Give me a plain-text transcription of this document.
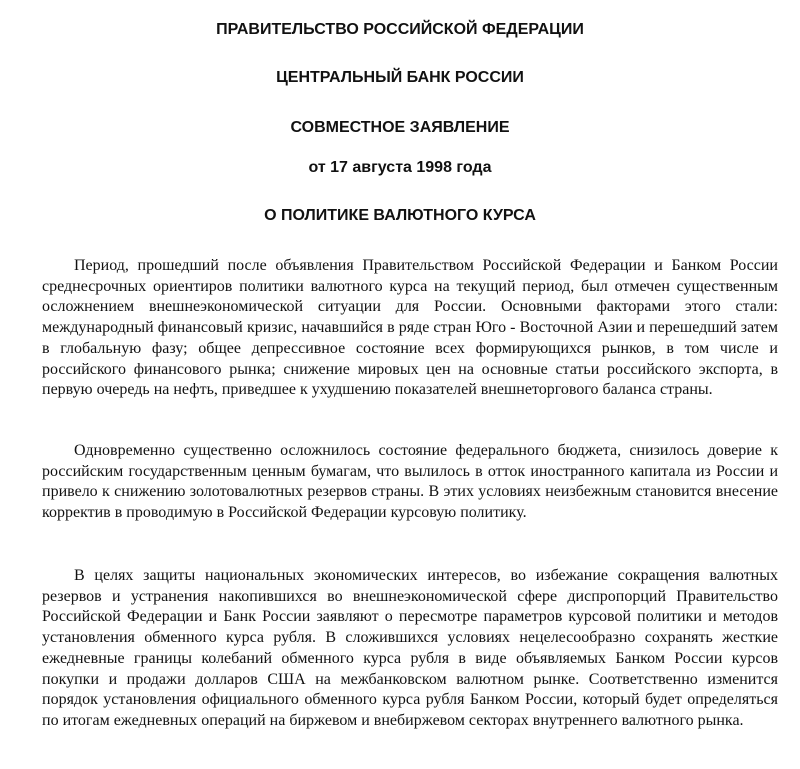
ПРАВИТЕЛЬСТВО РОССИЙСКОЙ ФЕДЕРАЦИИ
ЦЕНТРАЛЬНЫЙ БАНК РОССИИ
СОВМЕСТНОЕ ЗАЯВЛЕНИЕ
от 17 августа 1998 года
О ПОЛИТИКЕ ВАЛЮТНОГО КУРСА

Период, прошедший после объявления Правительством Российской Федерации и Банком России среднесрочных ориентиров политики валютного курса на текущий период, был отмечен существенным осложнением внешнеэкономической ситуации для России. Основными факторами этого стали: международный финансовый кризис, начавшийся в ряде стран Юго - Восточной Азии и перешедший затем в глобальную фазу; общее депрессивное состояние всех формирующихся рынков, в том числе и российского финансового рынка; снижение мировых цен на основные статьи российского экспорта, в первую очередь на нефть, приведшее к ухудшению показателей внешнеторгового баланса страны.

Одновременно существенно осложнилось состояние федерального бюджета, снизилось доверие к российским государственным ценным бумагам, что вылилось в отток иностранного капитала из России и привело к снижению золотовалютных резервов страны. В этих условиях неизбежным становится внесение корректив в проводимую в Российской Федерации курсовую политику.

В целях защиты национальных экономических интересов, во избежание сокращения валютных резервов и устранения накопившихся во внешнеэкономической сфере диспропорций Правительство Российской Федерации и Банк России заявляют о пересмотре параметров курсовой политики и методов установления обменного курса рубля. В сложившихся условиях нецелесообразно сохранять жесткие ежедневные границы колебаний обменного курса рубля в виде объявляемых Банком России курсов покупки и продажи долларов США на межбанковском валютном рынке. Соответственно изменится порядок установления официального обменного курса рубля Банком России, который будет определяться по итогам ежедневных операций на биржевом и внебиржевом секторах внутреннего валютного рынка.
